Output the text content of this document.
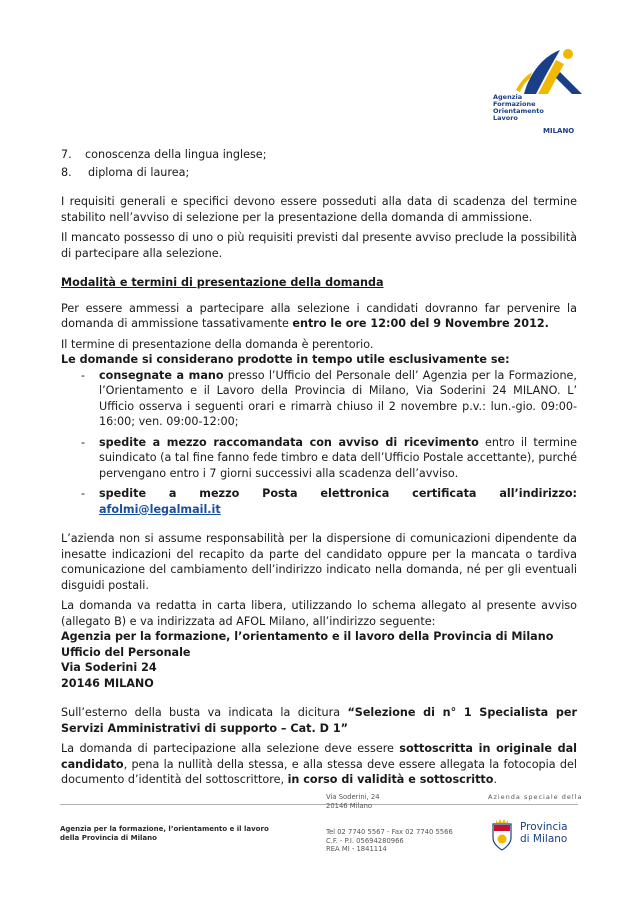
Agenzia
Formazione
Orientamento
Lavoro
MILANO
7.	conoscenza della lingua inglese;
8.	diploma di laurea;

I requisiti generali e specifici devono essere posseduti alla data di scadenza del termine stabilito nell’avviso di selezione per la presentazione della domanda di ammissione.

Il mancato possesso di uno o più requisiti previsti dal presente avviso preclude la possibilità di partecipare alla selezione.

Modalità e termini di presentazione della domanda

Per essere ammessi a partecipare alla selezione i candidati dovranno far pervenire la domanda di ammissione tassativamente entro le ore 12:00 del 9 Novembre 2012.

Il termine di presentazione della domanda è perentorio.

Le domande si considerano prodotte in tempo utile esclusivamente se:

-	consegnate a mano presso l’Ufficio del Personale dell’ Agenzia per la Formazione, l’Orientamento e il Lavoro della Provincia di Milano, Via Soderini 24 MILANO. L’ Ufficio osserva i seguenti orari e rimarrà chiuso il 2 novembre p.v.: lun.-gio. 09:00-16:00; ven. 09:00-12:00;
-	spedite a mezzo raccomandata con avviso di ricevimento entro il termine suindicato (a tal fine fanno fede timbro e data dell’Ufficio Postale accettante), purché pervengano entro i 7 giorni successivi alla scadenza dell’avviso.
-	spedite a mezzo Posta elettronica certificata all’indirizzo: afolmi@legalmail.it

L’azienda non si assume responsabilità per la dispersione di comunicazioni dipendente da inesatte indicazioni del recapito da parte del candidato oppure per la mancata o tardiva comunicazione del cambiamento dell’indirizzo indicato nella domanda, né per gli eventuali disguidi postali.

La domanda va redatta in carta libera, utilizzando lo schema allegato al presente avviso (allegato B) e va indirizzata ad AFOL Milano, all’indirizzo seguente:

Agenzia per la formazione, l’orientamento e il lavoro della Provincia di Milano
Ufficio del Personale
Via Soderini 24
20146 MILANO

Sull’esterno della busta va indicata la dicitura “Selezione di n° 1 Specialista per Servizi Amministrativi di supporto – Cat. D 1”

La domanda di partecipazione alla selezione deve essere sottoscritta in originale dal candidato, pena la nullità della stessa, e alla stessa deve essere allegata la fotocopia del documento d’identità del sottoscrittore, in corso di validità e sottoscritto.

Agenzia per la formazione, l’orientamento e il lavoro
della Provincia di Milano
Via Soderini, 24
20146 Milano
Tel 02 7740 5567 - Fax 02 7740 5566
C.F. - P.I. 05694280966
REA MI - 1841114
Azienda speciale della
Provincia
di Milano
